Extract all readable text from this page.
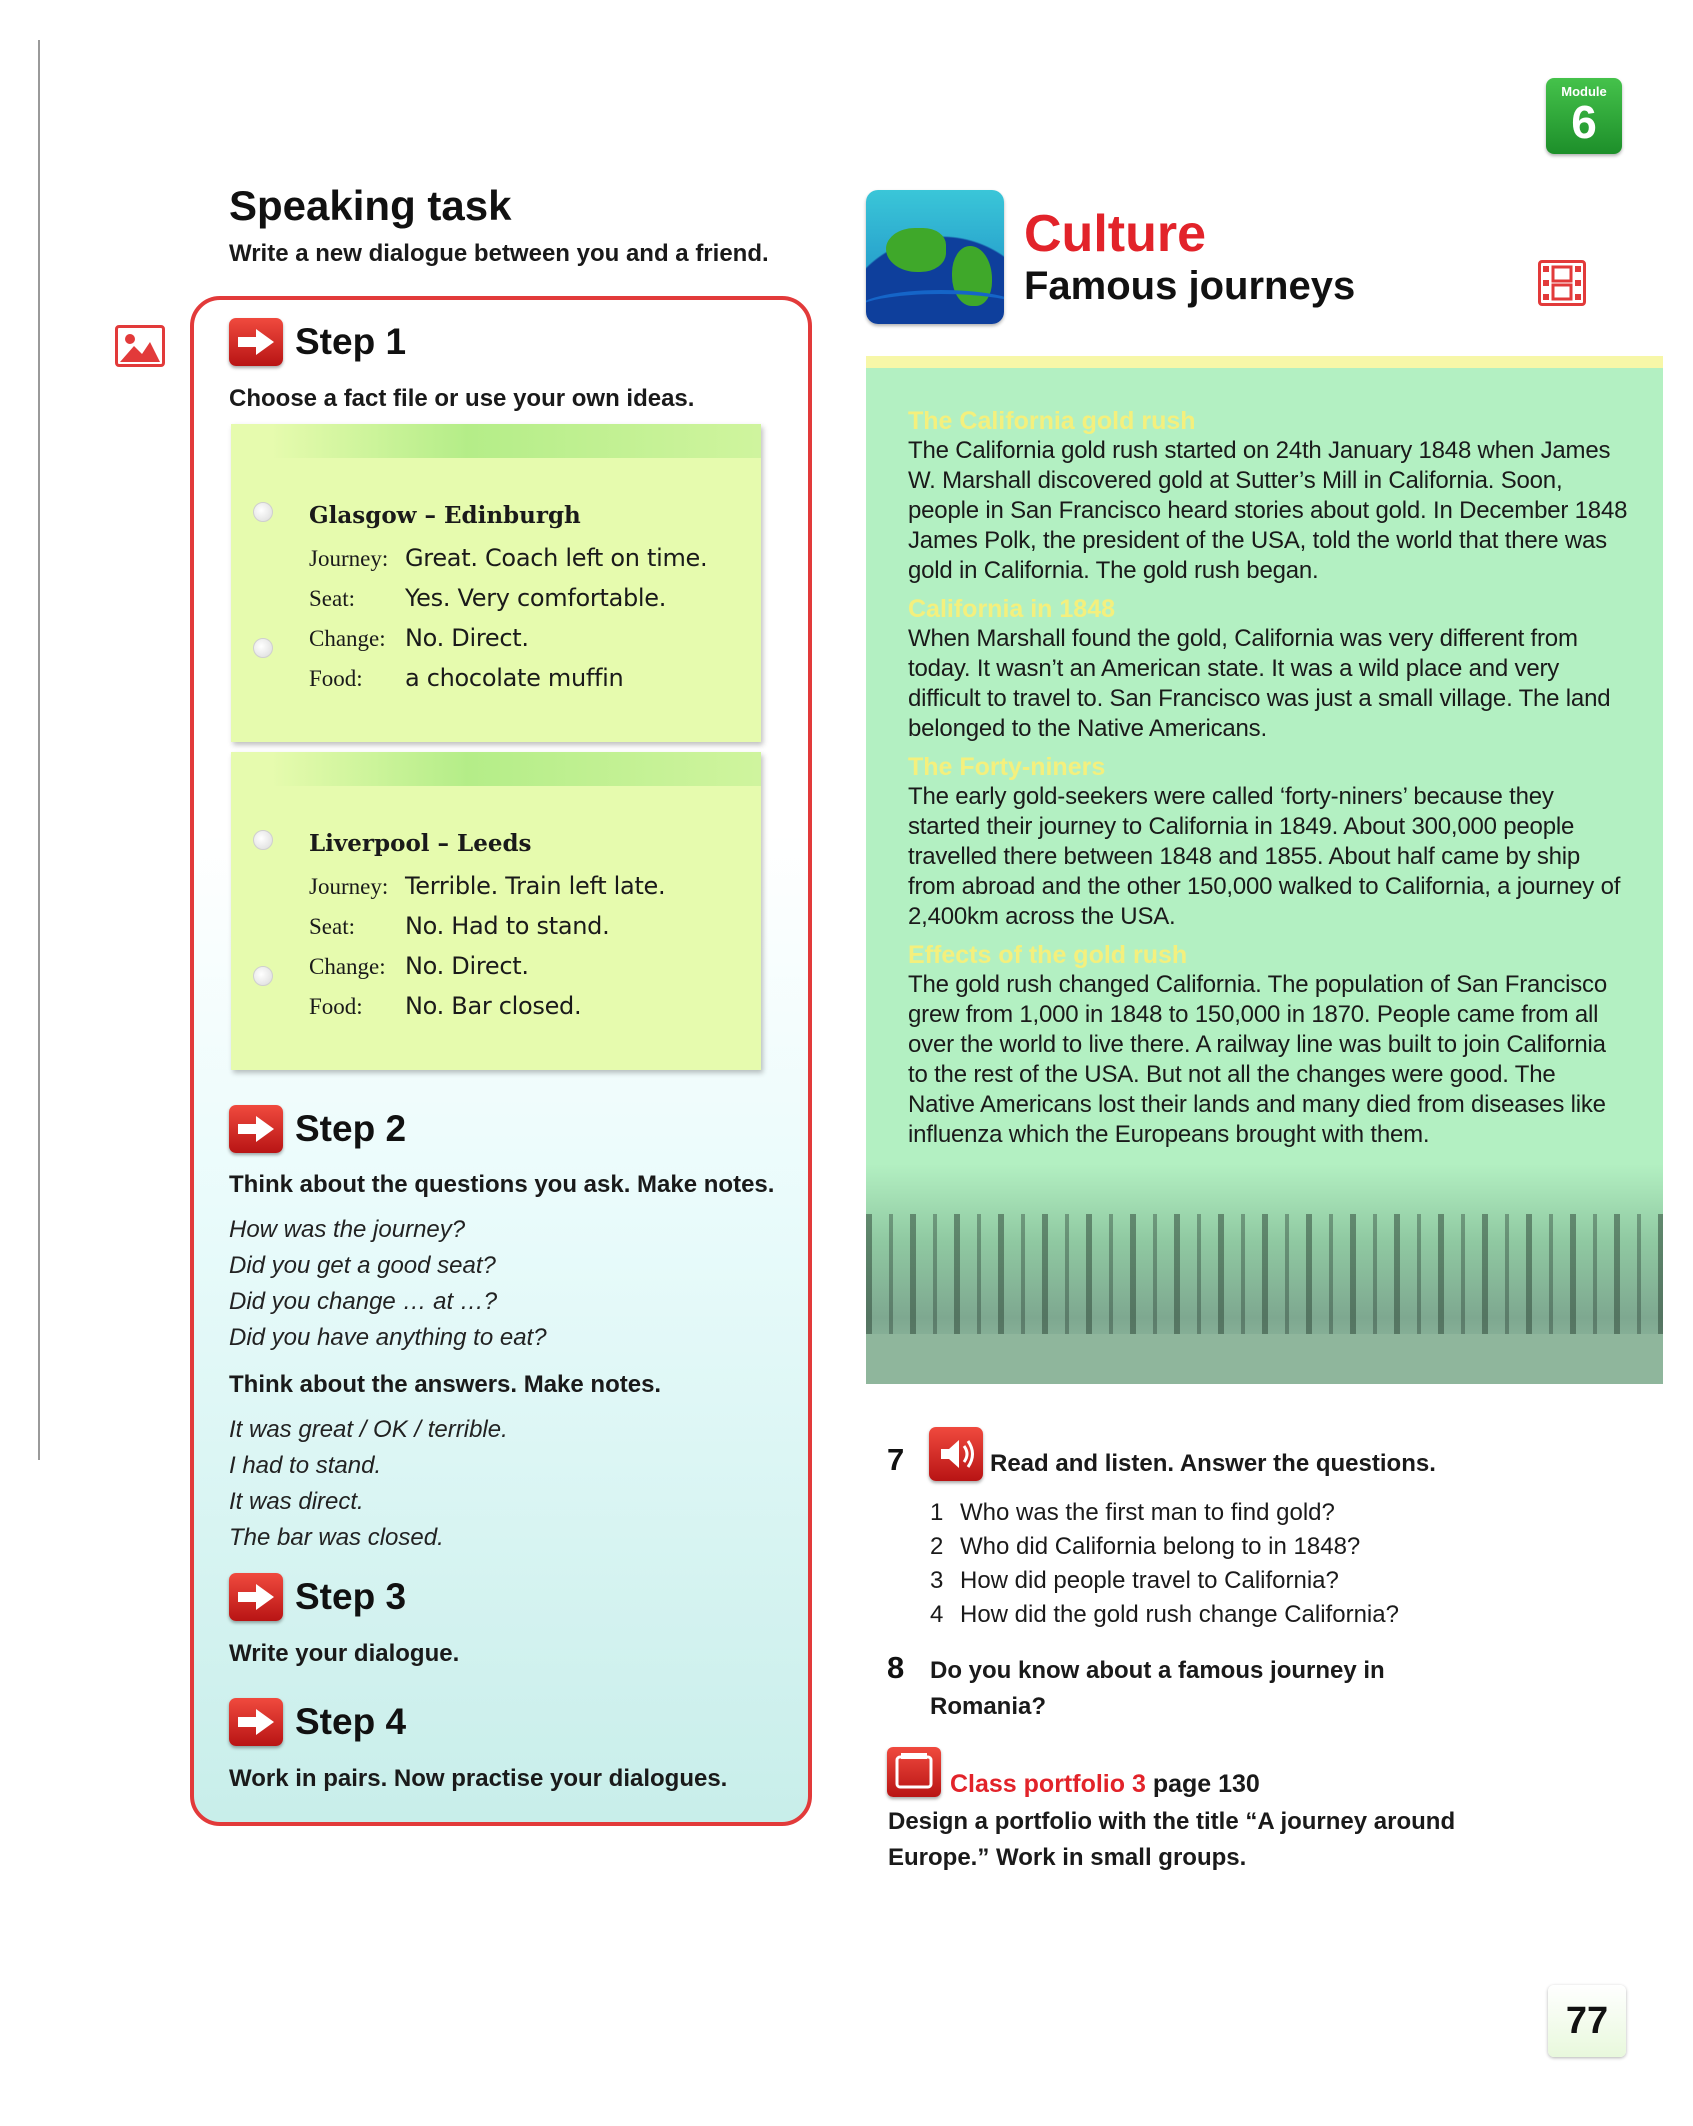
Module
6
Speaking task
Write a new dialogue between you and a friend.
Step 1
Choose a fact file or use your own ideas.
Glasgow – Edinburgh
Journey: Great. Coach left on time.
Seat:	Yes. Very comfortable.
Change: No. Direct.
Food:	a chocolate muffin
Liverpool – Leeds
Journey: Terrible. Train left late.
Seat:	No. Had to stand.
Change: No. Direct.
Food:	No. Bar closed.
Step 2
Think about the questions you ask. Make notes.
How was the journey?
Did you get a good seat?
Did you change … at …?
Did you have anything to eat?
Think about the answers. Make notes.
It was great / OK / terrible.
I had to stand.
It was direct.
The bar was closed.
Step 3
Write your dialogue.
Step 4
Work in pairs. Now practise your dialogues.
Culture
Famous journeys
The California gold rush
The California gold rush started on 24th January 1848 when James W. Marshall discovered gold at Sutter’s Mill in California. Soon, people in San Francisco heard stories about gold. In December 1848 James Polk, the president of the USA, told the world that there was gold in California. The gold rush began.
California in 1848
When Marshall found the gold, California was very different from today. It wasn’t an American state. It was a wild place and very difficult to travel to. San Francisco was just a small village. The land belonged to the Native Americans.
The Forty-niners
The early gold-seekers were called ‘forty-niners’ because they started their journey to California in 1849. About 300,000 people travelled there between 1848 and 1855. About half came by ship from abroad and the other 150,000 walked to California, a journey of 2,400km across the USA.
Effects of the gold rush
The gold rush changed California. The population of San Francisco grew from 1,000 in 1848 to 150,000 in 1870. People came from all over the world to live there. A railway line was built to join California to the rest of the USA. But not all the changes were good. The Native Americans lost their lands and many died from diseases like influenza which the Europeans brought with them.
7	Read and listen. Answer the questions.
1 Who was the first man to find gold?
2 Who did California belong to in 1848?
3 How did people travel to California?
4 How did the gold rush change California?
8 Do you know about a famous journey in
Romania?
Class portfolio 3 page 130
Design a portfolio with the title “A journey around Europe.” Work in small groups.
77
